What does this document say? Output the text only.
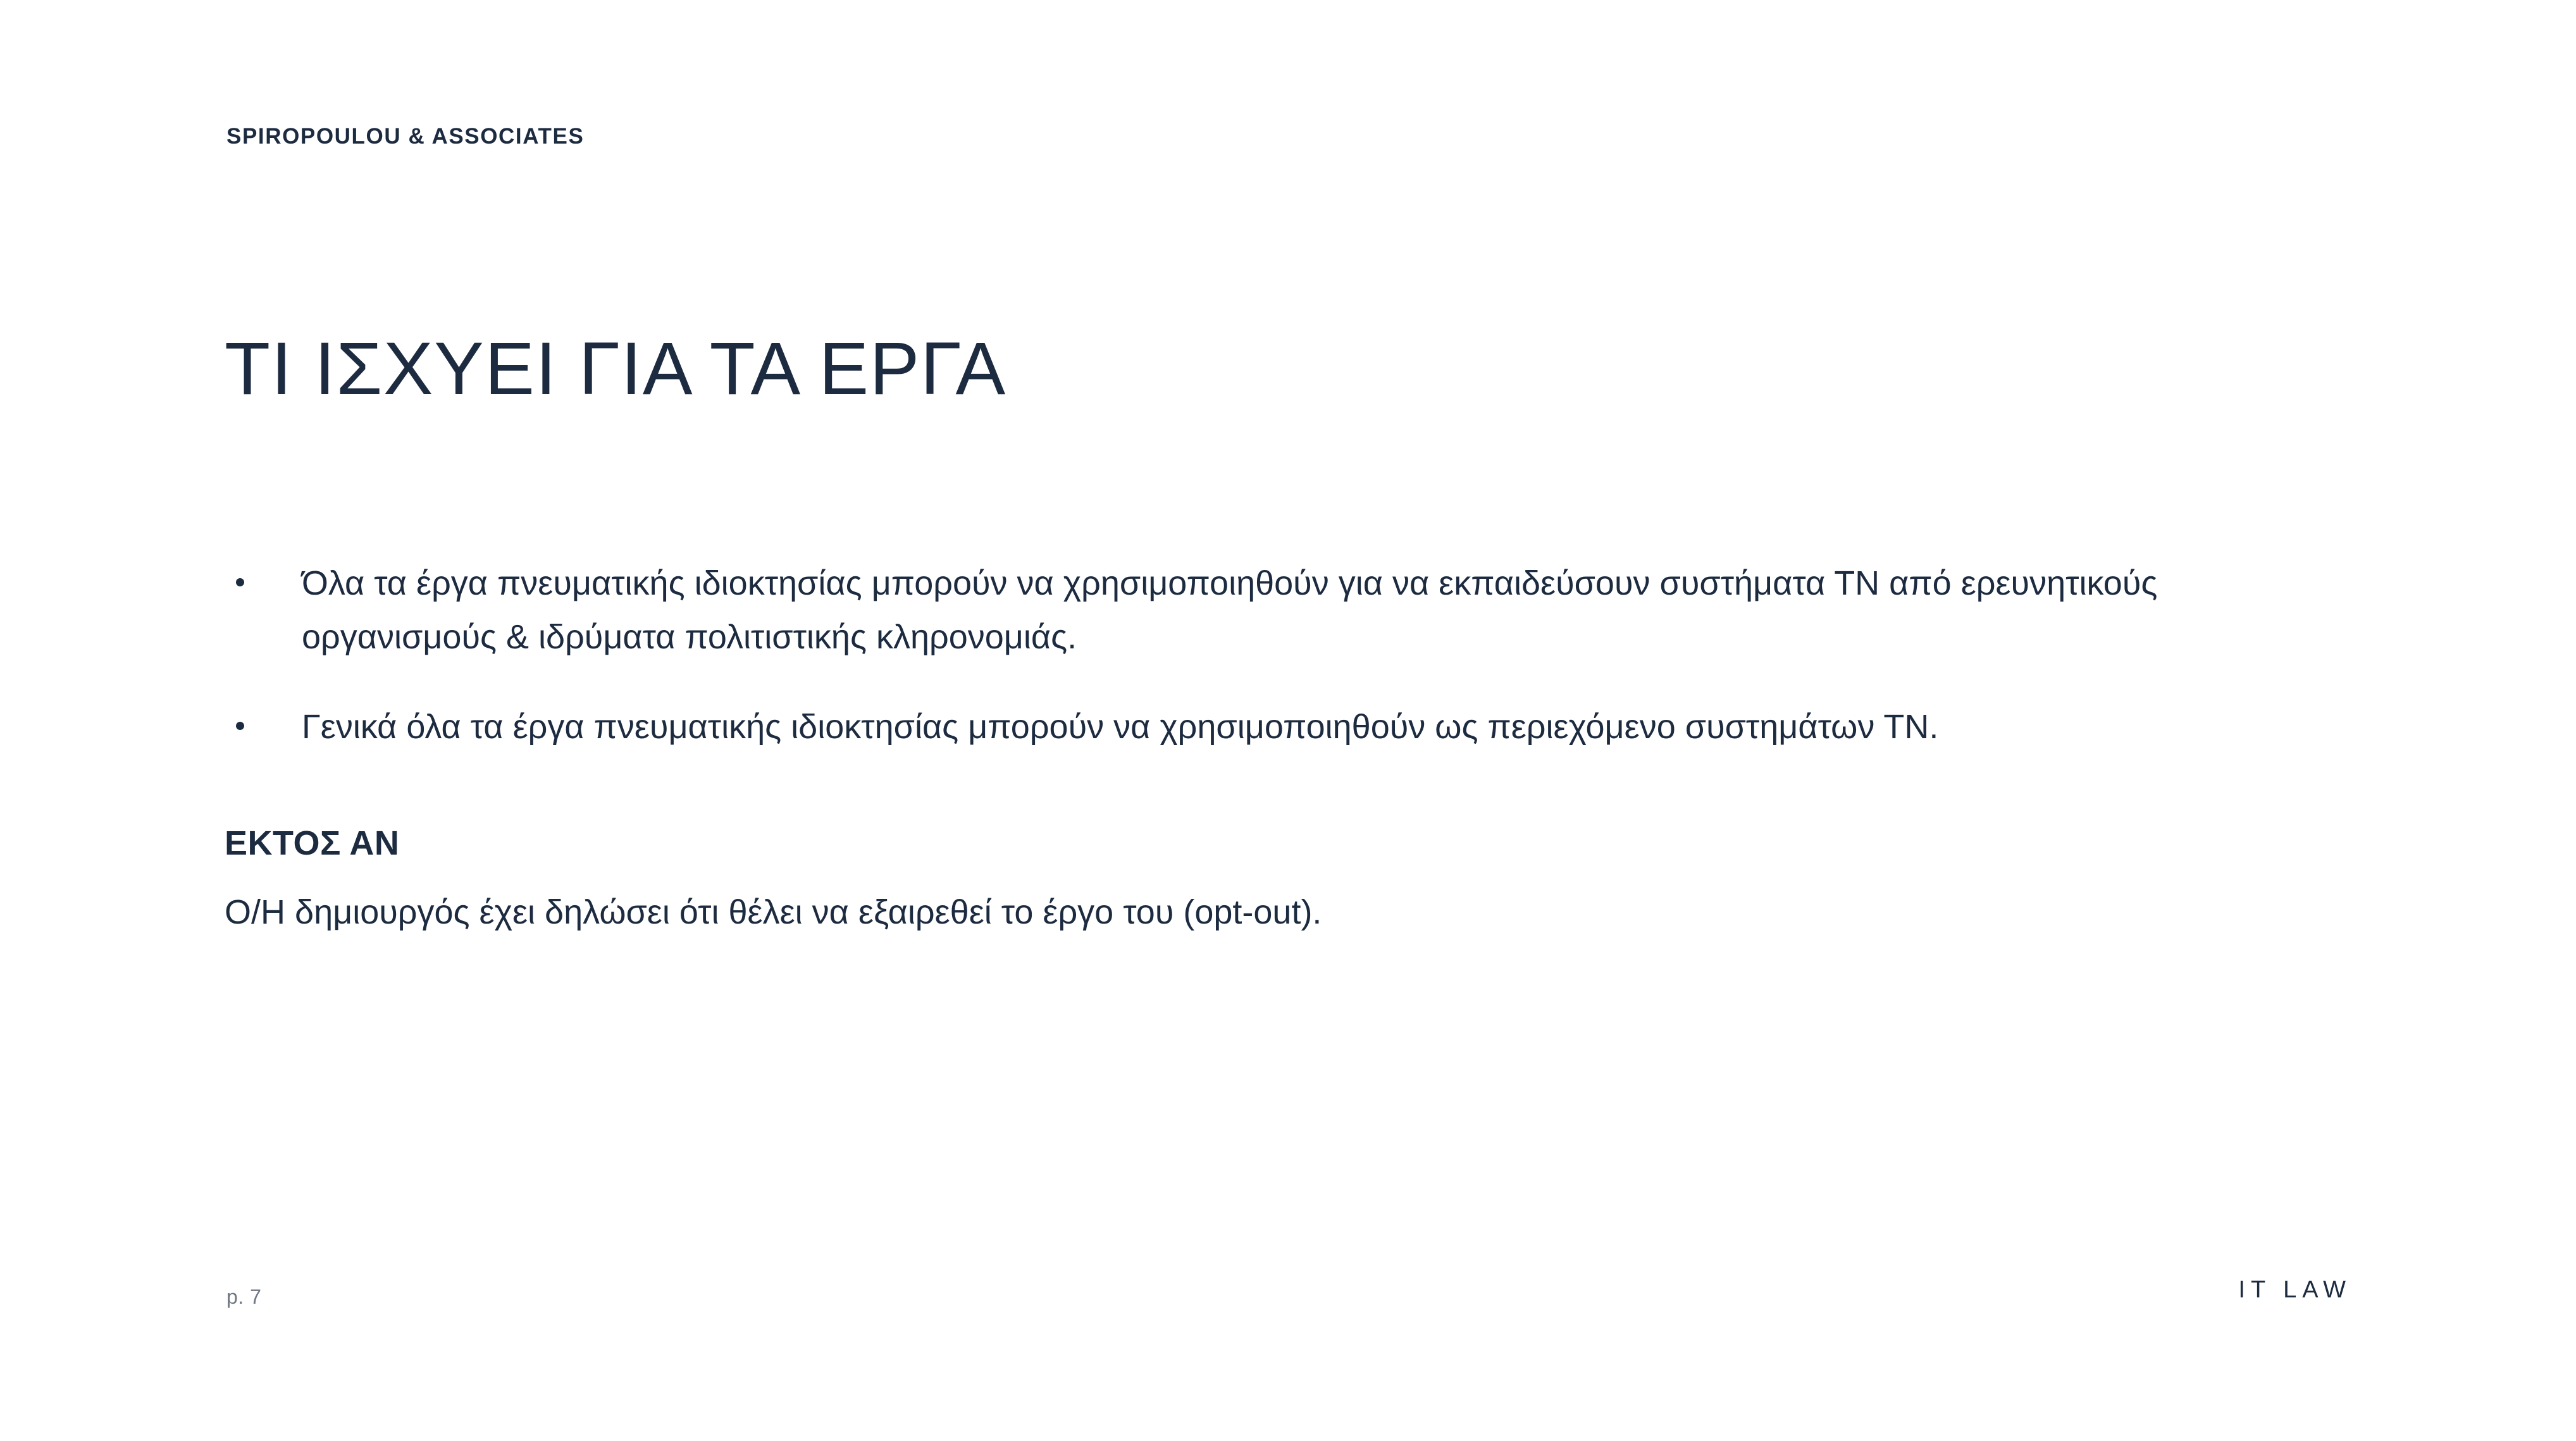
SPIROPOULOU & ASSOCIATES
ΤΙ ΙΣΧΥΕΙ ΓΙΑ ΤΑ ΕΡΓΑ
Όλα τα έργα πνευματικής ιδιοκτησίας μπορούν να χρησιμοποιηθούν για να εκπαιδεύσουν συστήματα ΤΝ από ερευνητικούς οργανισμούς & ιδρύματα πολιτιστικής κληρονομιάς.
Γενικά όλα τα έργα πνευματικής ιδιοκτησίας μπορούν να χρησιμοποιηθούν ως περιεχόμενο συστημάτων ΤΝ.
ΕΚΤΟΣ ΑΝ
Ο/Η δημιουργός έχει δηλώσει ότι θέλει να εξαιρεθεί το έργο του (opt-out).
p. 7	IT LAW
